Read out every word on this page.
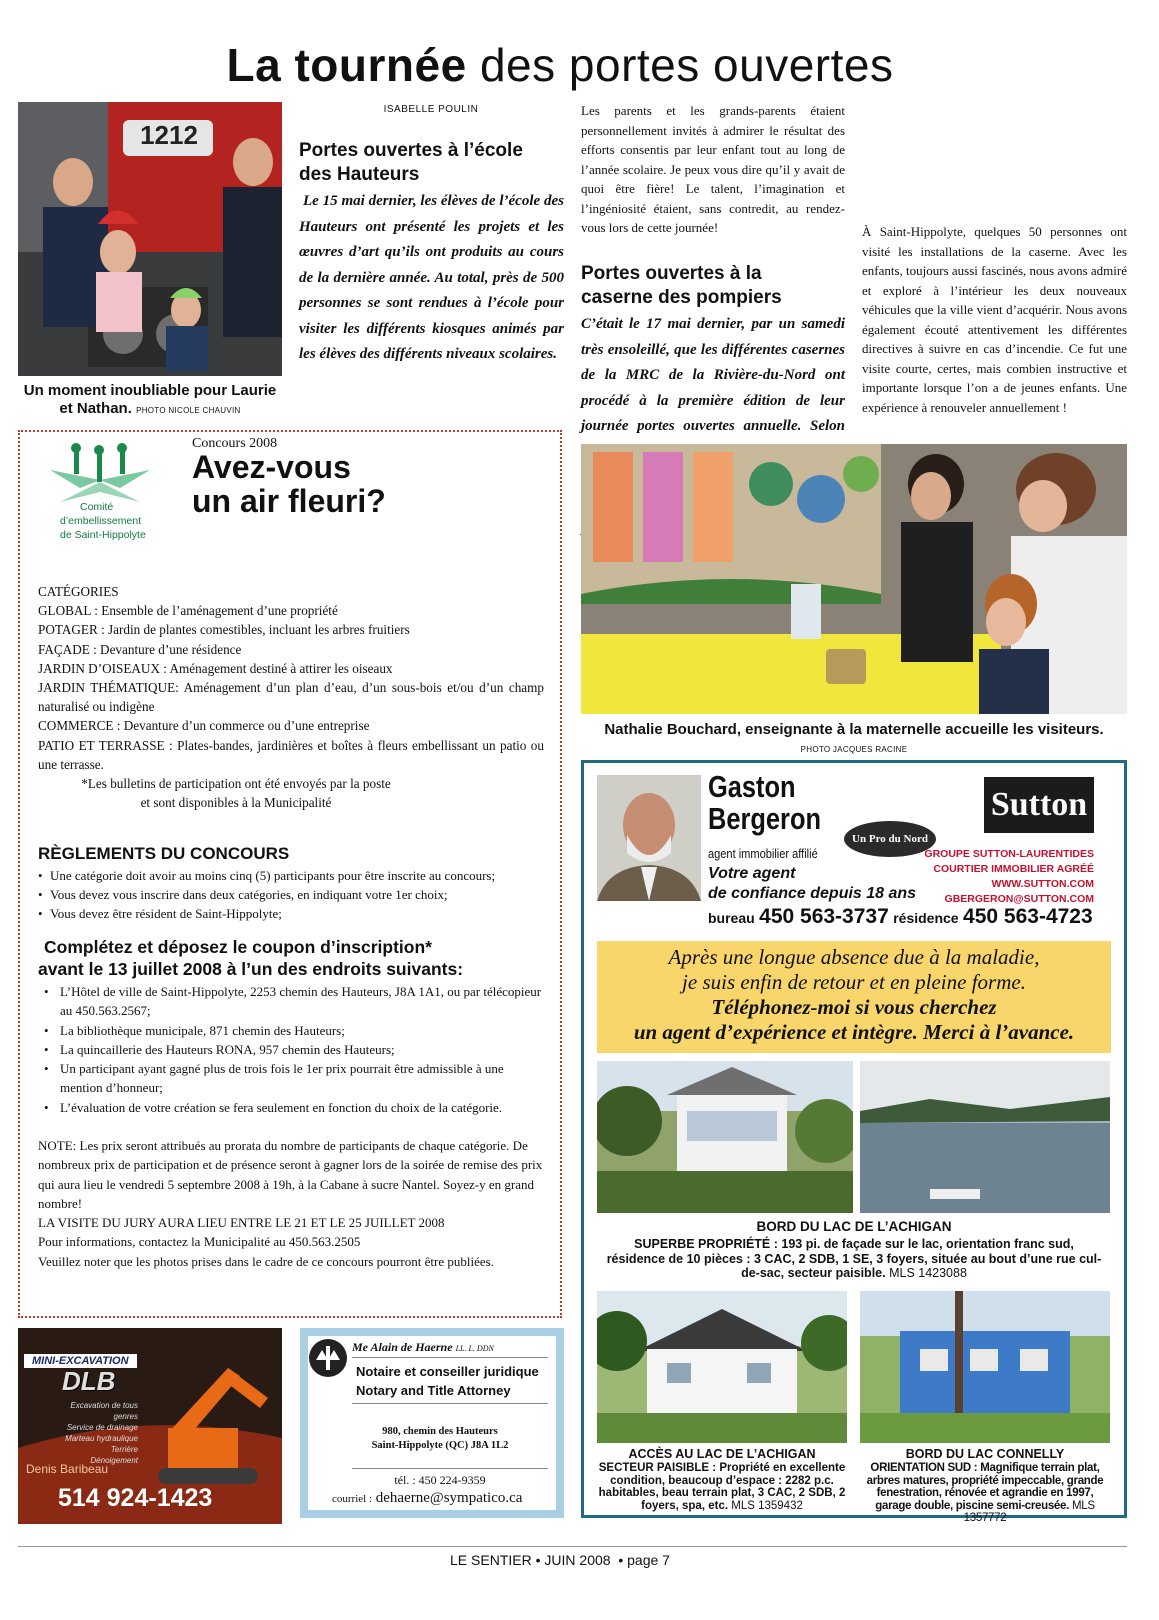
La tournée des portes ouvertes
1212
Un moment inoubliable pour Laurie et Nathan. PHOTO NICOLE CHAUVIN
ISABELLE POULIN
Portes ouvertes à l’école des Hauteurs
Le 15 mai dernier, les élèves de l’école des Hauteurs ont présenté les projets et les œuvres d’art qu’ils ont produits au cours de la dernière année. Au total, près de 500 personnes se sont rendues à l’école pour visiter les différents kiosques animés par les élèves des différents niveaux scolaires.
Les parents et les grands-parents étaient personnellement invités à admirer le résultat des efforts consentis par leur enfant tout au long de l’année scolaire. Je peux vous dire qu’il y avait de quoi être fière! Le talent, l’imagination et l’ingéniosité étaient, sans contredit, au rendez-vous lors de cette journée!
Portes ouvertes à la caserne des pompiers
C’était le 17 mai dernier, par un samedi très ensoleillé, que les différentes casernes de la MRC de la Rivière-du-Nord ont procédé à la première édition de leur journée portes ouvertes annuelle. Selon
À Saint-Hippolyte, quelques 50 personnes ont visité les installations de la caserne. Avec les enfants, toujours aussi fascinés, nous avons admiré et exploré à l’intérieur les deux nouveaux véhicules que la ville vient d’acquérir. Nous avons également écouté attentivement les différentes directives à suivre en cas d’incendie. Ce fut une visite courte, certes, mais combien instructive et importante lorsque l’on a de jeunes enfants. Une expérience à renouveler annuellement !
Nathalie Bouchard, enseignante à la maternelle accueille les visiteurs. PHOTO JACQUES RACINE
Comité
d’embellissement
de Saint-Hippolyte
Concours 2008
Avez-vous
un air fleuri?
CATÉGORIES
GLOBAL : Ensemble de l’aménagement d’une propriété
POTAGER : Jardin de plantes comestibles, incluant les arbres fruitiers
FAÇADE : Devanture d’une résidence
JARDIN D’OISEAUX : Aménagement destiné à attirer les oiseaux
JARDIN THÉMATIQUE: Aménagement d’un plan d’eau, d’un sous-bois et/ou d’un champ naturalisé ou indigène
COMMERCE : Devanture d’un commerce ou d’une entreprise
PATIO ET TERRASSE : Plates-bandes, jardinières et boîtes à fleurs embellissant un patio ou une terrasse.
*Les bulletins de participation ont été envoyés par la poste
et sont disponibles à la Municipalité
RÈGLEMENTS DU CONCOURS
• Une catégorie doit avoir au moins cinq (5) participants pour être inscrite au concours;
• Vous devez vous inscrire dans deux catégories, en indiquant votre 1er choix;
• Vous devez être résident de Saint-Hippolyte;
Complétez et déposez le coupon d’inscription*
avant le 13 juillet 2008 à l’un des endroits suivants:
• L’Hôtel de ville de Saint-Hippolyte, 2253 chemin des Hauteurs, J8A 1A1, ou par télécopieur au 450.563.2567;
• La bibliothèque municipale, 871 chemin des Hauteurs;
• La quincaillerie des Hauteurs RONA, 957 chemin des Hauteurs;
• Un participant ayant gagné plus de trois fois le 1er prix pourrait être admissible à une mention d’honneur;
• L’évaluation de votre création se fera seulement en fonction du choix de la catégorie.
NOTE: Les prix seront attribués au prorata du nombre de participants de chaque catégorie. De nombreux prix de participation et de présence seront à gagner lors de la soirée de remise des prix qui aura lieu le vendredi 5 septembre 2008 à 19h, à la Cabane à sucre Nantel. Soyez-y en grand nombre!
LA VISITE DU JURY AURA LIEU ENTRE LE 21 ET LE 25 JUILLET 2008
Pour informations, contactez la Municipalité au 450.563.2505
Veuillez noter que les photos prises dans le cadre de ce concours pourront être publiées.
MINI-EXCAVATION
DLB
Excavation de tous genres
Service de drainage
Marteau hydraulique
Terrière
Dénoigement
Denis Baribeau
514 924-1423
Me Alain de Haerne LL. L. DDN
Notaire et conseiller juridique
Notary and Title Attorney
980, chemin des Hauteurs
Saint-Hippolyte (QC) J8A 1L2
tél. : 450 224-9359
courriel : dehaerne@sympatico.ca
Gaston
Bergeron
agent immobilier affilié
Votre agent
de confiance depuis 18 ans
bureau 450 563-3737 résidence 450 563-4723
Un Pro du Nord
Sutton
GROUPE SUTTON-LAURENTIDES
COURTIER IMMOBILIER AGRÉÉ
WWW.SUTTON.COM
GBERGERON@SUTTON.COM
Après une longue absence due à la maladie,
je suis enfin de retour et en pleine forme.
Téléphonez-moi si vous cherchez
un agent d’expérience et intègre. Merci à l’avance.
BORD DU LAC DE L’ACHIGAN
SUPERBE PROPRIÉTÉ : 193 pi. de façade sur le lac, orientation franc sud, résidence de 10 pièces : 3 CAC, 2 SDB, 1 SE, 3 foyers, située au bout d’une rue cul-de-sac, secteur paisible. MLS 1423088
ACCÈS AU LAC DE L’ACHIGAN
SECTEUR PAISIBLE : Propriété en excellente condition, beaucoup d’espace : 2282 p.c. habitables, beau terrain plat, 3 CAC, 2 SDB, 2 foyers, spa, etc. MLS 1359432
BORD DU LAC CONNELLY
ORIENTATION SUD : Magnifique terrain plat, arbres matures, propriété impeccable, grande fenestration, rénovée et agrandie en 1997, garage double, piscine semi-creusée. MLS 1357772
LE SENTIER • JUIN 2008  • page 7
